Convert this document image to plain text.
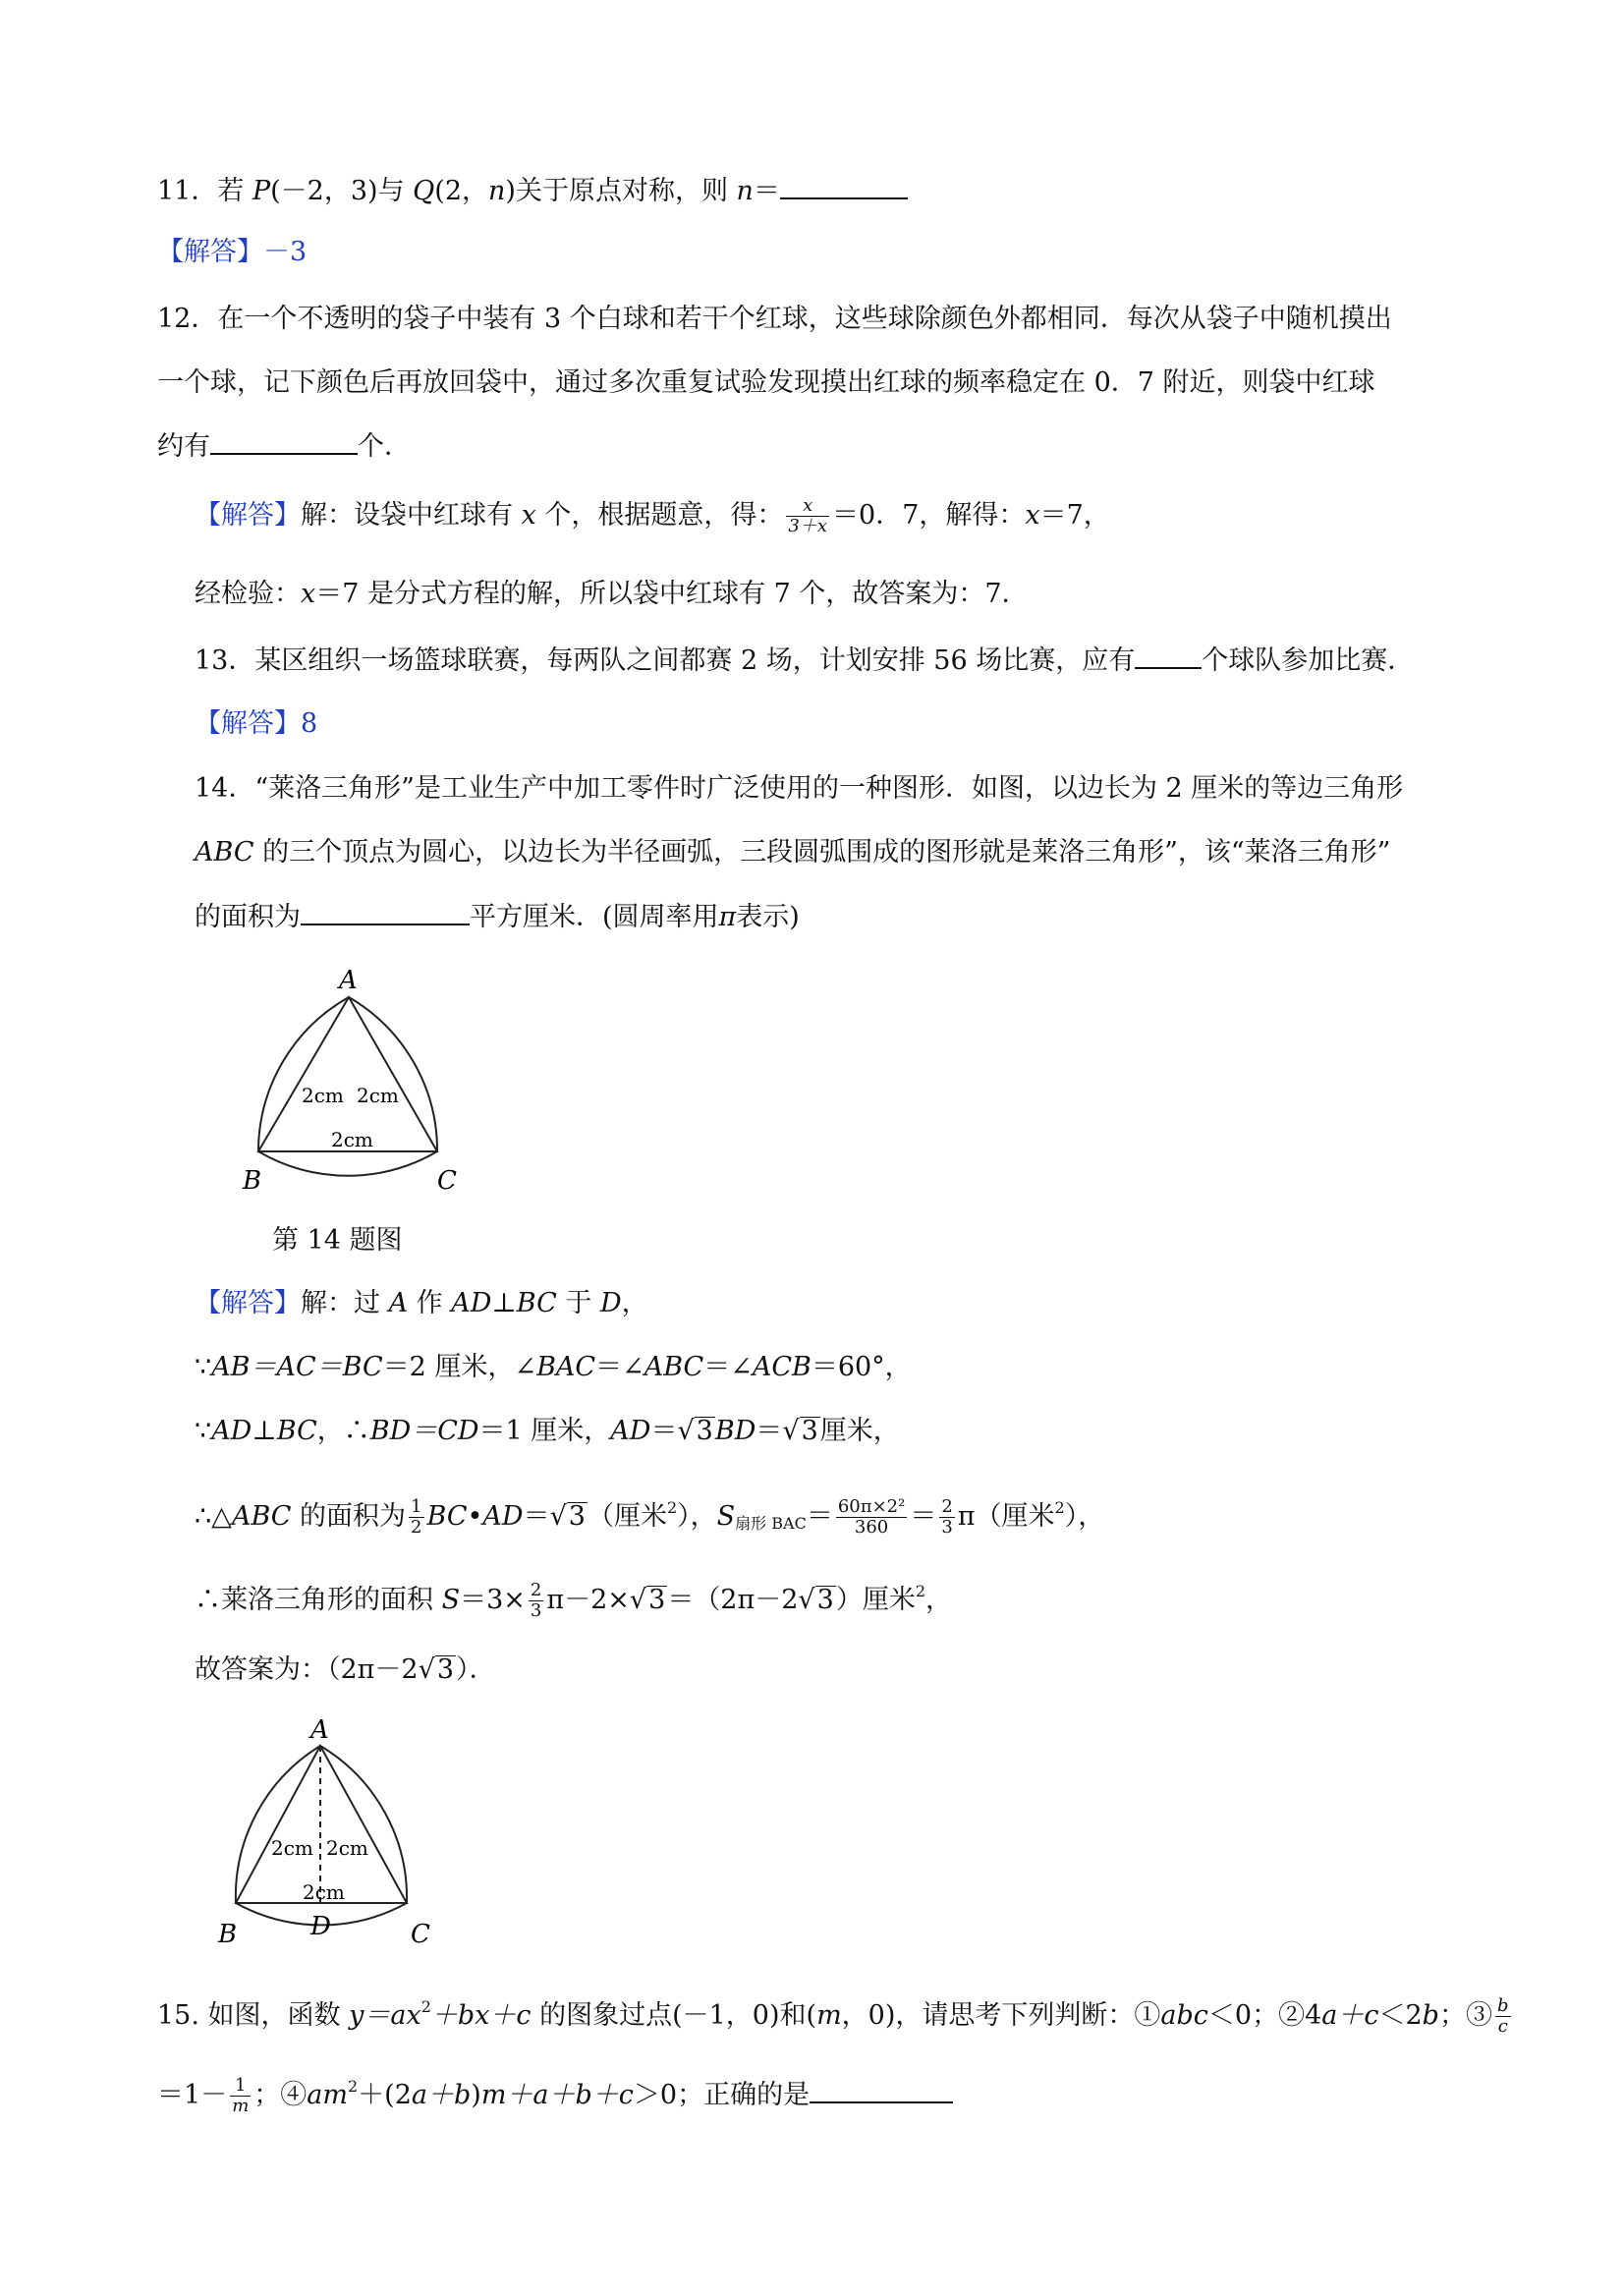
11．若 P(－2，3)与 Q(2，n)关于原点对称，则 n＝
【解答】－3
12．在一个不透明的袋子中装有 3 个白球和若干个红球，这些球除颜色外都相同．每次从袋子中随机摸出
一个球，记下颜色后再放回袋中，通过多次重复试验发现摸出红球的频率稳定在 0．7 附近，则袋中红球
约有	个．
【解答】解：设袋中红球有 x 个，根据题意，得： $\frac{x}{3+x} =0$．7，解得：x＝7，
经检验：x＝7 是分式方程的解，所以袋中红球有 7 个，故答案为：7．
13．某区组织一场篮球联赛，每两队之间都赛 2 场，计划安排 56 场比赛，应有	个球队参加比赛．
【解答】8
14．“莱洛三角形”是工业生产中加工零件时广泛使用的一种图形．如图，以边长为 2 厘米的等边三角形
ABC 的三个顶点为圆心，以边长为半径画弧，三段圆弧围成的图形就是莱洛三角形”，该“莱洛三角形”
的面积为	平方厘米．(圆周率用π表示)
A
B	C
2cm 2cm
2cm
第 14 题图
【解答】解：过 A 作 AD⊥BC 于 D，
∵AB＝AC＝BC＝2 厘米，∠BAC＝∠ABC＝∠ACB＝60°，
∵AD⊥BC，∴BD＝CD＝1 厘米，AD＝√3BD＝√3厘米，
∴△ABC 的面积为 $\frac{1}{2}$ BC•AD＝√3（厘米$^2$），$S_{扇形 BAC}= \frac{\text{60π×2²}}{360} = \frac{2}{3} \pi$（厘米$^2$），
∴莱洛三角形的面积 $S=3\times \frac{2}{3} \pi-2\times√3=(2\pi-2√3)$厘米$^2$，
故答案为：（2π－2√3）．
A
B	C
D
2cm 2cm
2cm
15. 如图，函数 $y=ax^2+bx+c$ 的图象过点(－1，0)和(m，0)，请思考下列判断：①abc＜0；②4a＋c＜2b；③ $\frac{b}{c}$
$=1- \frac{1}{m}$ ；$④am^2+(2a+b)m+a+b+c>0$；正确的是
